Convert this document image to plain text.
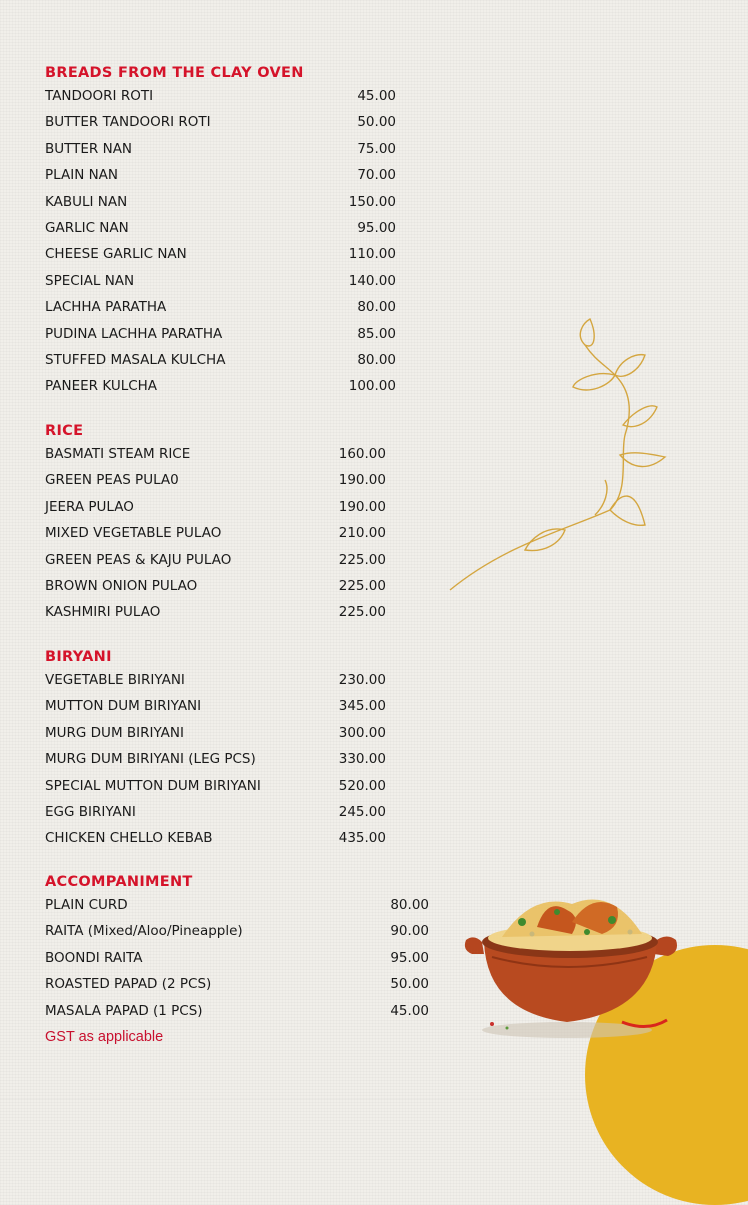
BREADS FROM THE CLAY OVEN
TANDOORI ROTI	45.00
BUTTER TANDOORI ROTI	50.00
BUTTER NAN	75.00
PLAIN NAN	70.00
KABULI NAN	150.00
GARLIC NAN	95.00
CHEESE GARLIC NAN	110.00
SPECIAL NAN	140.00
LACHHA PARATHA	80.00
PUDINA LACHHA PARATHA	85.00
STUFFED MASALA KULCHA	80.00
PANEER KULCHA	100.00
RICE
BASMATI STEAM RICE	160.00
GREEN PEAS PULA0	190.00
JEERA PULAO	190.00
MIXED VEGETABLE PULAO	210.00
GREEN PEAS & KAJU PULAO	225.00
BROWN ONION PULAO	225.00
KASHMIRI PULAO	225.00
BIRYANI
VEGETABLE BIRIYANI	230.00
MUTTON DUM BIRIYANI	345.00
MURG DUM BIRIYANI	300.00
MURG DUM BIRIYANI (LEG PCS)	330.00
SPECIAL MUTTON DUM BIRIYANI	520.00
EGG BIRIYANI	245.00
CHICKEN CHELLO KEBAB	435.00
ACCOMPANIMENT
PLAIN CURD	80.00
RAITA (Mixed/Aloo/Pineapple)	90.00
BOONDI RAITA	95.00
ROASTED PAPAD (2 PCS)	50.00
MASALA PAPAD (1 PCS)	45.00
GST as applicable
